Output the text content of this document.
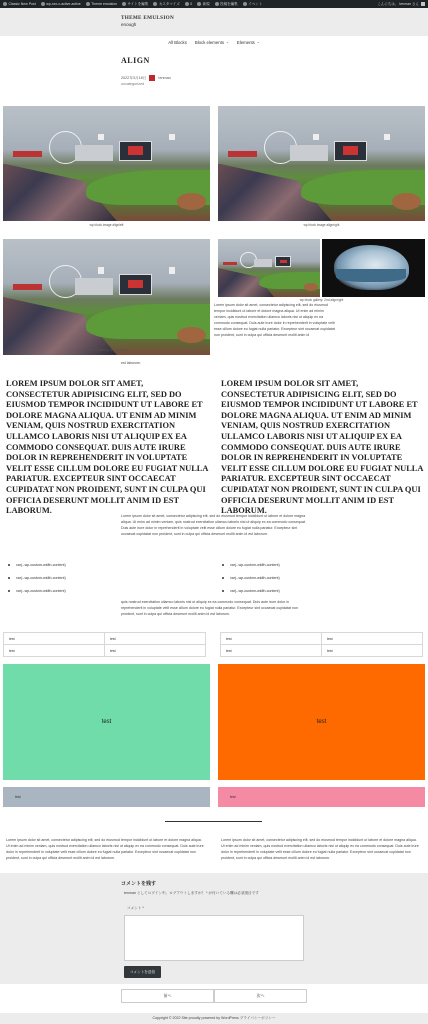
Classic New Post	wp-xxx-x-active-active	Theme emulsion	サイトを編集	カスタマイズ	0	新規	投稿を編集	イベント	こんにちは、 tenman さん
THEME EMULSION
enough
All Blocks Block elements ⌄ Elements ⌄
ALIGN
2022年3月18日	tenman
uncategorized
wp block image alignleft	wp block image alignright
wp block gallery: first alignleft
wp block gallery: 2nd alignright
Lorem ipsum dolor sit amet, consectetur adipiscing elit, sed do eiusmod tempor incididunt ut labore et dolore magna aliqua. Ut enim ad minim veniam, quis nostrud exercitation ullamco laboris nisi ut aliquip ex ea commodo consequat. Duis aute irure dolor in reprehenderit in voluptate velit esse cillum dolore eu fugiat nulla pariatur. Excepteur sint occaecat cupidatat non proident, sunt in culpa qui officia deserunt mollit anim id
est laborum.
LOREM IPSUM DOLOR SIT AMET, CONSECTETUR ADIPISICING ELIT, SED DO EIUSMOD TEMPOR INCIDIDUNT UT LABORE ET DOLORE MAGNA ALIQUA. UT ENIM AD MINIM VENIAM, QUIS NOSTRUD EXERCITATION ULLAMCO LABORIS NISI UT ALIQUIP EX EA COMMODO CONSEQUAT. DUIS AUTE IRURE DOLOR IN REPREHENDERIT IN VOLUPTATE VELIT ESSE CILLUM DOLORE EU FUGIAT NULLA PARIATUR. EXCEPTEUR SINT OCCAECAT CUPIDATAT NON PROIDENT, SUNT IN CULPA QUI OFFICIA DESERUNT MOLLIT ANIM ID EST LABORUM.
LOREM IPSUM DOLOR SIT AMET, CONSECTETUR ADIPISICING ELIT, SED DO EIUSMOD TEMPOR INCIDIDUNT UT LABORE ET DOLORE MAGNA ALIQUA. UT ENIM AD MINIM VENIAM, QUIS NOSTRUD EXERCITATION ULLAMCO LABORIS NISI UT ALIQUIP EX EA COMMODO CONSEQUAT. DUIS AUTE IRURE DOLOR IN REPREHENDERIT IN VOLUPTATE VELIT ESSE CILLUM DOLORE EU FUGIAT NULLA PARIATUR. EXCEPTEUR SINT OCCAECAT CUPIDATAT NON PROIDENT, SUNT IN CULPA QUI OFFICIA DESERUNT MOLLIT ANIM ID EST LABORUM.
Lorem ipsum dolor sit amet, consectetur adipiscing elit, sed do eiusmod tempor incididunt ut labore et dolore magna aliqua. Ut enim ad minim veniam, quis nostrud exercitation ullamco laboris nisi ut aliquip ex ea commodo consequat. Duis aute irure dolor in reprehenderit in voluptate velit esse cillum dolore eu fugiat nulla pariatur. Excepteur sint occaecat cupidatat non proident, sunt in culpa qui officia deserunt mollit anim id est laborum.
var(--wp-custom-width-content)
var(--wp-custom-width-content)
var(--wp-custom-width-content)
var(--wp-custom-width-content)
var(--wp-custom-width-content)
var(--wp-custom-width-content)
quis nostrud exercitation ullamco laboris nisi ut aliquip ex ea commodo consequat. Duis aute irure dolor in reprehenderit in voluptate velit esse cillum dolore eu fugiat nulla pariatur. Excepteur sint occaecat cupidatat non proident, sunt in culpa qui officia deserunt mollit anim id est laborum.
test	test
test	test
test	test
test	test
test	test
test	test
Lorem ipsum dolor sit amet, consectetur adipiscing elit, sed do eiusmod tempor incididunt ut labore et dolore magna aliqua. Ut enim ad minim veniam, quis nostrud exercitation ullamco laboris nisi ut aliquip ex ea commodo consequat. Duis aute irure dolor in reprehenderit in voluptate velit esse cillum dolore eu fugiat nulla pariatur. Excepteur sint occaecat cupidatat non proident, sunt in culpa qui officia deserunt mollit anim id est laborum.
Lorem ipsum dolor sit amet, consectetur adipiscing elit, sed do eiusmod tempor incididunt ut labore et dolore magna aliqua. Ut enim ad minim veniam, quis nostrud exercitation ullamco laboris nisi ut aliquip ex ea commodo consequat. Duis aute irure dolor in reprehenderit in voluptate velit esse cillum dolore eu fugiat nulla pariatur. Excepteur sint occaecat cupidatat non proident, sunt in culpa qui officia deserunt mollit anim id est laborum.
コメントを残す
tenman としてログイン中。ログアウトしますか？ * が付いている欄は必須項目です
コメント *
コメントを送信
前へ	次へ
Copyright © 2022 Site proudly powered by WordPress プライバシーポリシー
